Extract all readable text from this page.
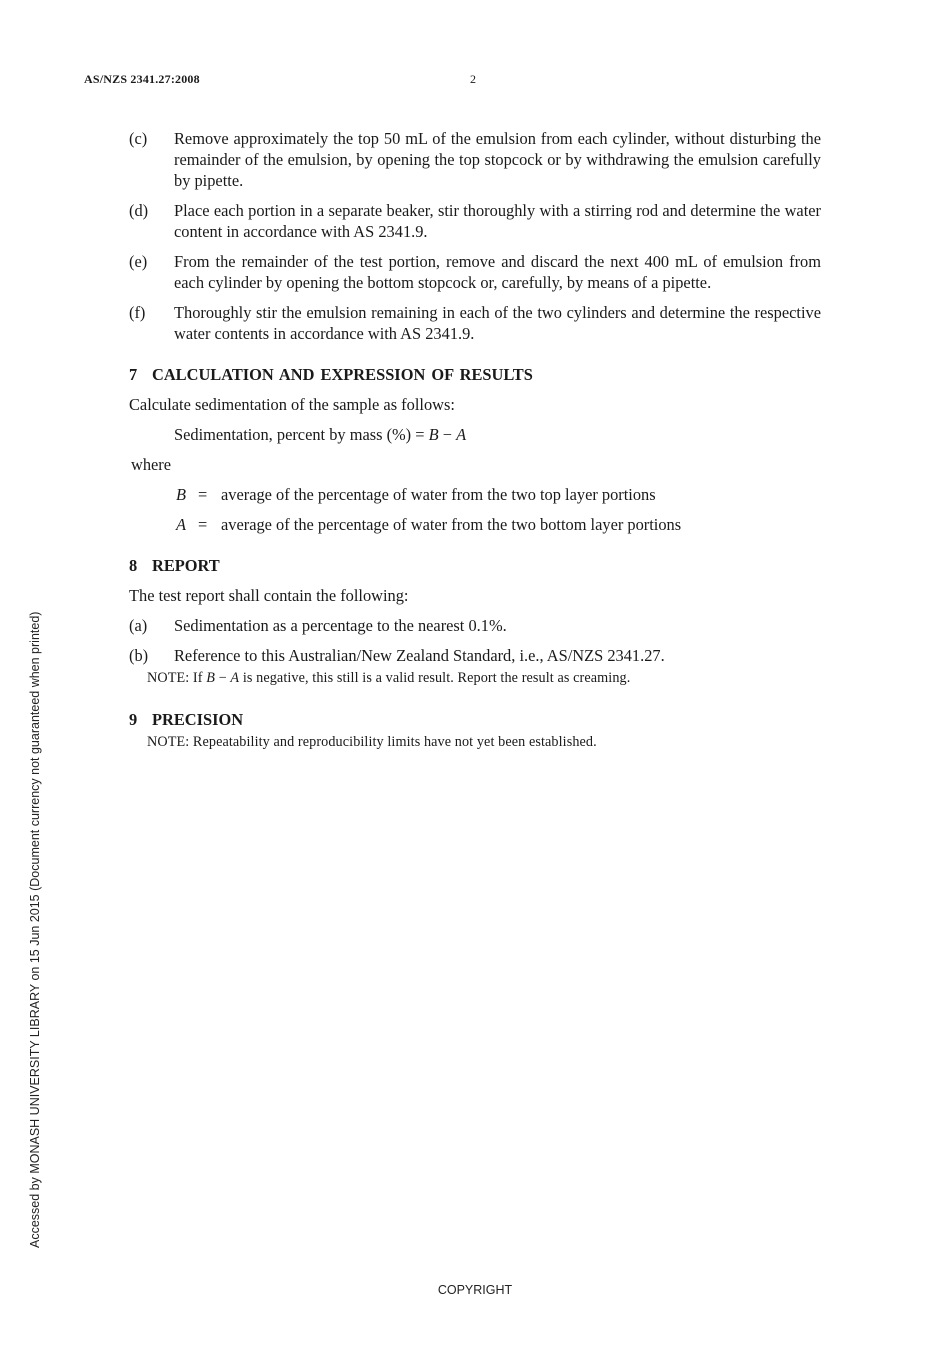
AS/NZS 2341.27:2008	2
(c)	Remove approximately the top 50 mL of the emulsion from each cylinder, without disturbing the remainder of the emulsion, by opening the top stopcock or by withdrawing the emulsion carefully by pipette.
(d)	Place each portion in a separate beaker, stir thoroughly with a stirring rod and determine the water content in accordance with AS 2341.9.
(e)	From the remainder of the test portion, remove and discard the next 400 mL of emulsion from each cylinder by opening the bottom stopcock or, carefully, by means of a pipette.
(f)	Thoroughly stir the emulsion remaining in each of the two cylinders and determine the respective water contents in accordance with AS 2341.9.
7 CALCULATION AND EXPRESSION OF RESULTS
Calculate sedimentation of the sample as follows:
Sedimentation, percent by mass (%) = B − A
where
B = average of the percentage of water from the two top layer portions
A = average of the percentage of water from the two bottom layer portions
8 REPORT
The test report shall contain the following:
(a)	Sedimentation as a percentage to the nearest 0.1%.
(b)	Reference to this Australian/New Zealand Standard, i.e., AS/NZS 2341.27.
NOTE: If B − A is negative, this still is a valid result. Report the result as creaming.
9 PRECISION
NOTE: Repeatability and reproducibility limits have not yet been established.
Accessed by MONASH UNIVERSITY LIBRARY on 15 Jun 2015 (Document currency not guaranteed when printed)
COPYRIGHT
